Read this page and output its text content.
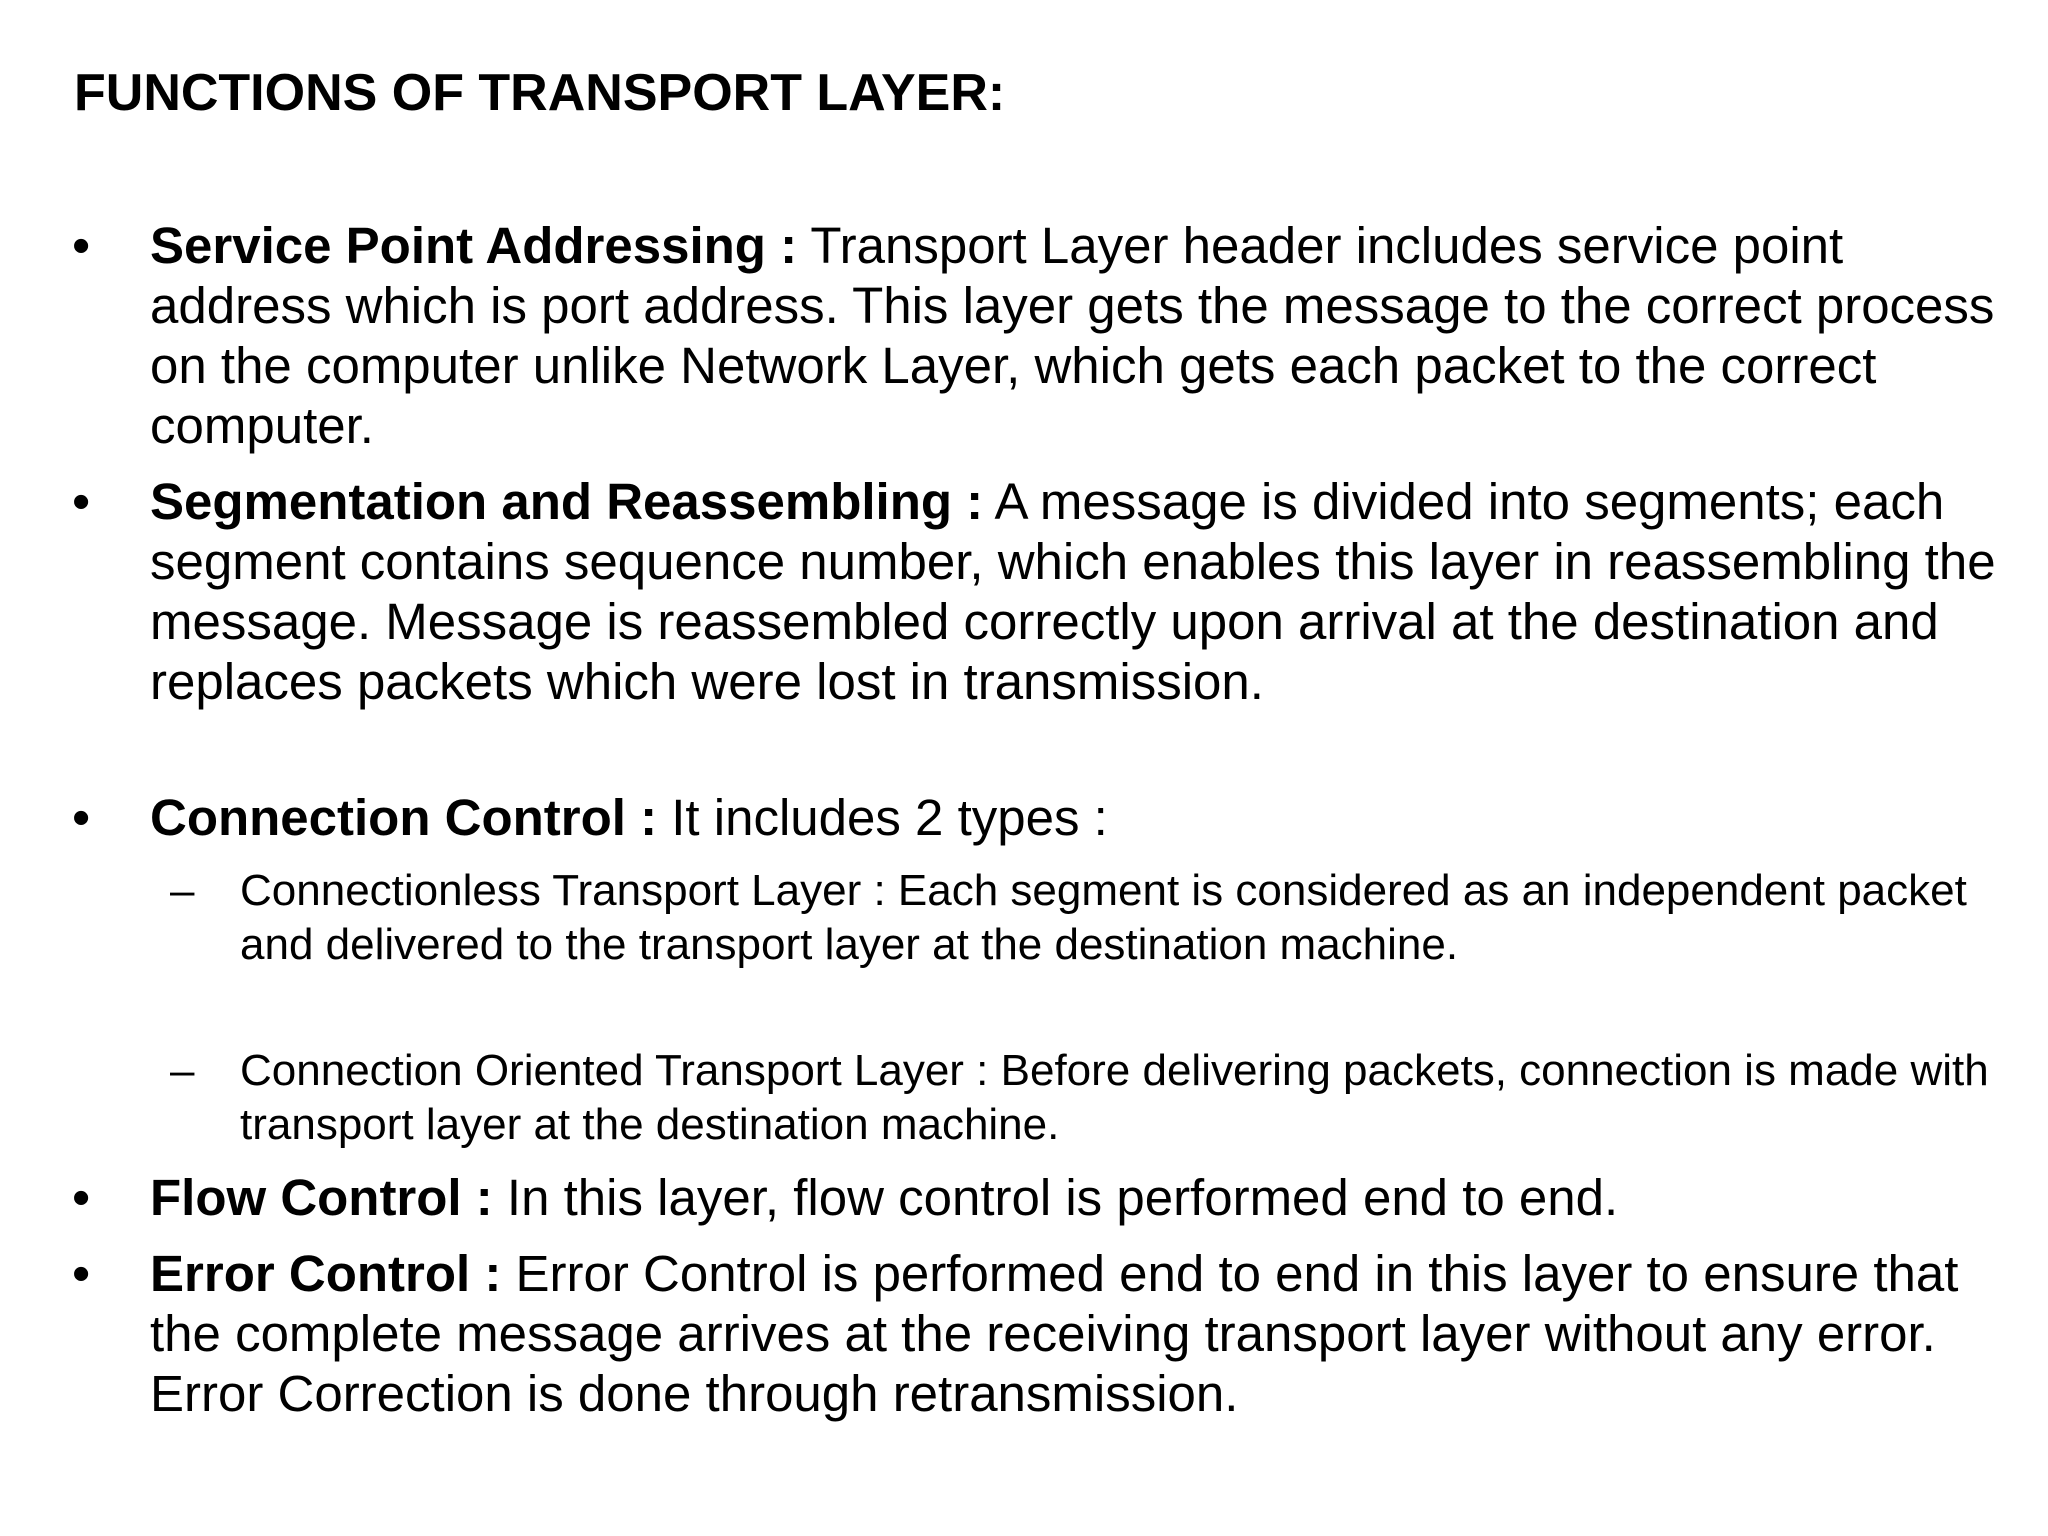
FUNCTIONS OF TRANSPORT LAYER:
• Service Point Addressing : Transport Layer header includes service point address which is port address. This layer gets the message to the correct process on the computer unlike Network Layer, which gets each packet to the correct computer.
• Segmentation and Reassembling : A message is divided into segments; each segment contains sequence number, which enables this layer in reassembling the message. Message is reassembled correctly upon arrival at the destination and replaces packets which were lost in transmission.
• Connection Control : It includes 2 types :
– Connectionless Transport Layer : Each segment is considered as an independent packet and delivered to the transport layer at the destination machine.
– Connection Oriented Transport Layer : Before delivering packets, connection is made with transport layer at the destination machine.
• Flow Control : In this layer, flow control is performed end to end.
• Error Control : Error Control is performed end to end in this layer to ensure that the complete message arrives at the receiving transport layer without any error. Error Correction is done through retransmission.
